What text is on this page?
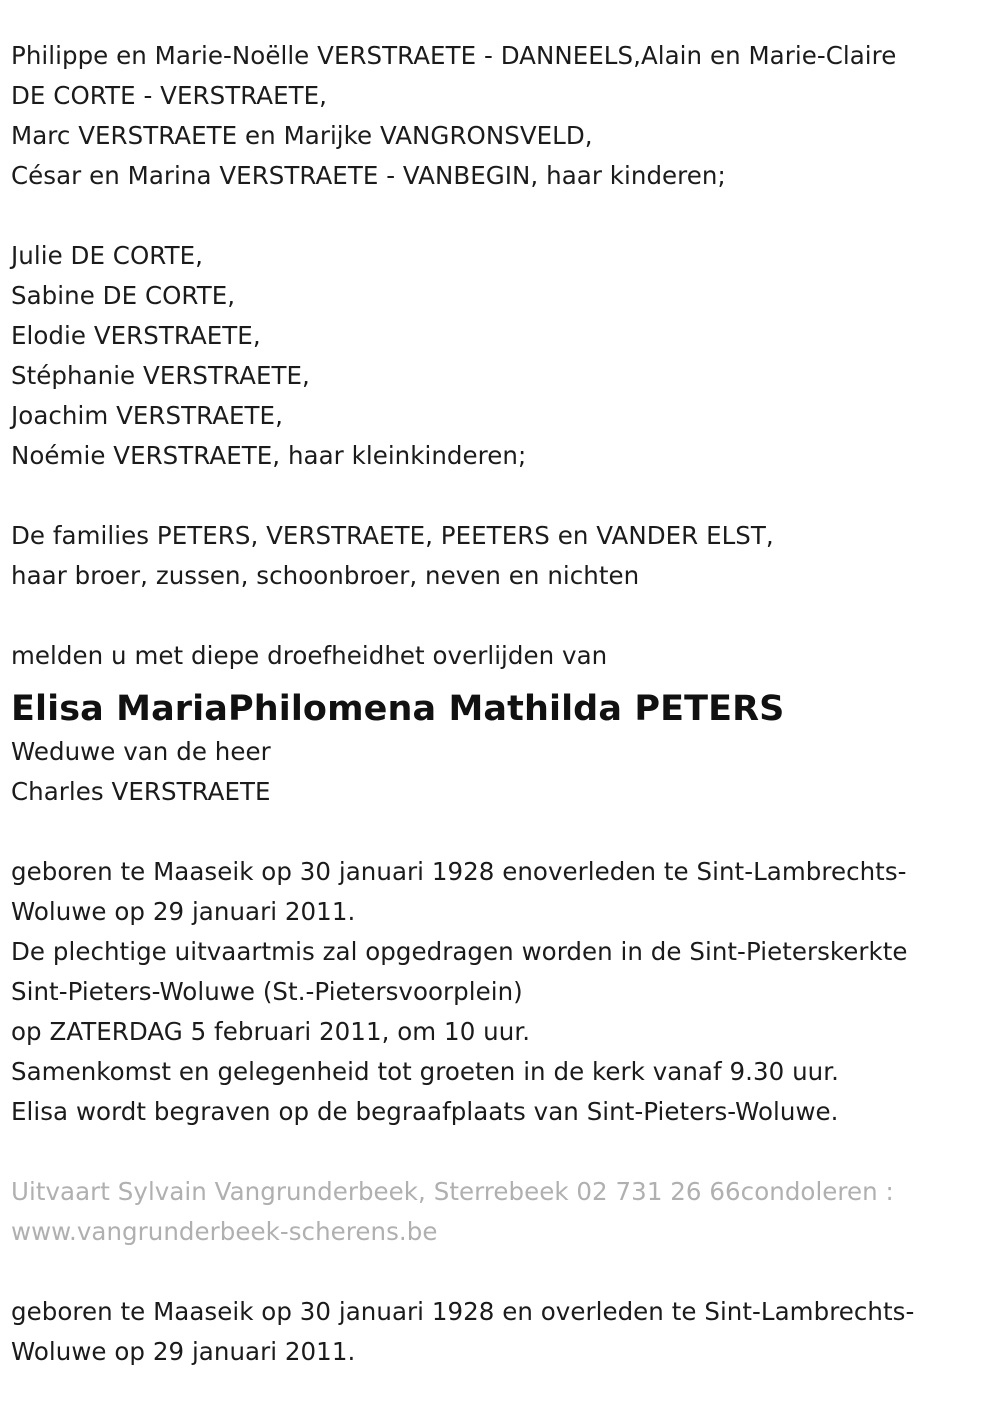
Philippe en Marie-Noëlle VERSTRAETE - DANNEELS,Alain en Marie-Claire
DE CORTE - VERSTRAETE,
Marc VERSTRAETE en Marijke VANGRONSVELD,
César en Marina VERSTRAETE - VANBEGIN, haar kinderen;
Julie DE CORTE,
Sabine DE CORTE,
Elodie VERSTRAETE,
Stéphanie VERSTRAETE,
Joachim VERSTRAETE,
Noémie VERSTRAETE, haar kleinkinderen;
De families PETERS, VERSTRAETE, PEETERS en VANDER ELST,
haar broer, zussen, schoonbroer, neven en nichten
melden u met diepe droefheidhet overlijden van
Elisa MariaPhilomena Mathilda PETERS
Weduwe van de heer
Charles VERSTRAETE
geboren te Maaseik op 30 januari 1928 enoverleden te Sint-Lambrechts-
Woluwe op 29 januari 2011.
De plechtige uitvaartmis zal opgedragen worden in de Sint-Pieterskerkte
Sint-Pieters-Woluwe (St.-Pietersvoorplein)
op ZATERDAG 5 februari 2011, om 10 uur.
Samenkomst en gelegenheid tot groeten in de kerk vanaf 9.30 uur.
Elisa wordt begraven op de begraafplaats van Sint-Pieters-Woluwe.
Uitvaart Sylvain Vangrunderbeek, Sterrebeek 02 731 26 66condoleren :
www.vangrunderbeek-scherens.be
geboren te Maaseik op 30 januari 1928 en overleden te Sint-Lambrechts-
Woluwe op 29 januari 2011.
